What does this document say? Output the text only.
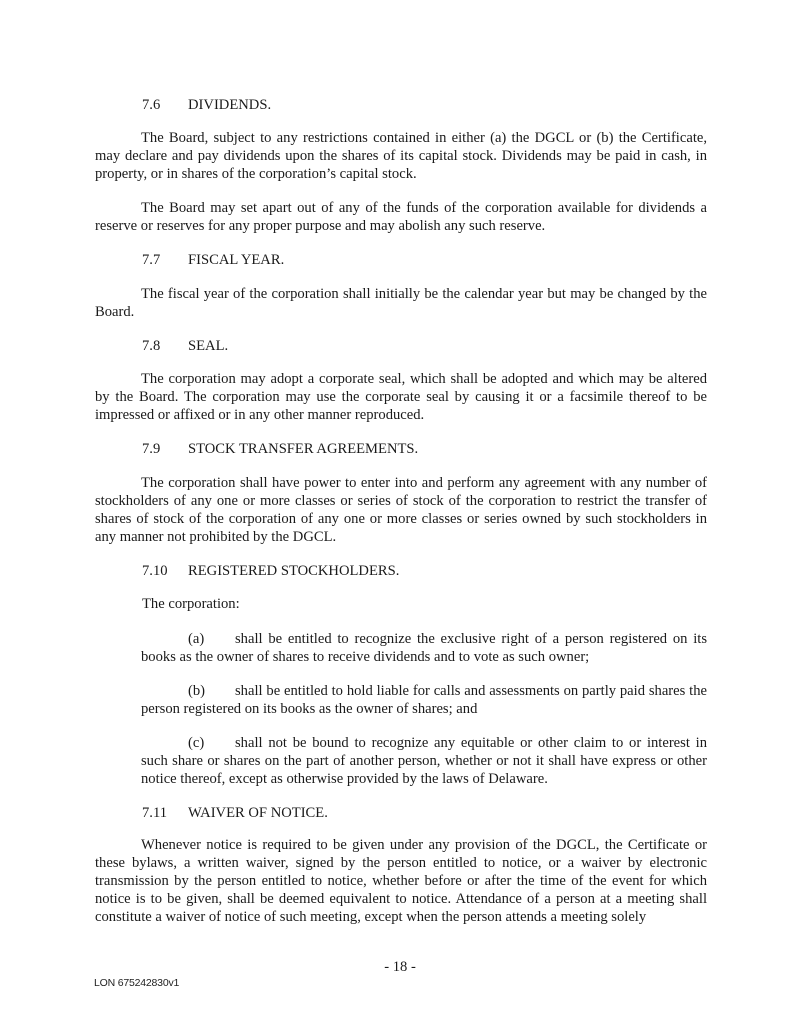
7.6 DIVIDENDS.
The Board, subject to any restrictions contained in either (a) the DGCL or (b) the Certificate, may declare and pay dividends upon the shares of its capital stock. Dividends may be paid in cash, in property, or in shares of the corporation’s capital stock.
The Board may set apart out of any of the funds of the corporation available for dividends a reserve or reserves for any proper purpose and may abolish any such reserve.
7.7 FISCAL YEAR.
The fiscal year of the corporation shall initially be the calendar year but may be changed by the Board.
7.8 SEAL.
The corporation may adopt a corporate seal, which shall be adopted and which may be altered by the Board. The corporation may use the corporate seal by causing it or a facsimile thereof to be impressed or affixed or in any other manner reproduced.
7.9 STOCK TRANSFER AGREEMENTS.
The corporation shall have power to enter into and perform any agreement with any number of stockholders of any one or more classes or series of stock of the corporation to restrict the transfer of shares of stock of the corporation of any one or more classes or series owned by such stockholders in any manner not prohibited by the DGCL.
7.10 REGISTERED STOCKHOLDERS.
The corporation:
(a) shall be entitled to recognize the exclusive right of a person registered on its books as the owner of shares to receive dividends and to vote as such owner;
(b) shall be entitled to hold liable for calls and assessments on partly paid shares the person registered on its books as the owner of shares; and
(c) shall not be bound to recognize any equitable or other claim to or interest in such share or shares on the part of another person, whether or not it shall have express or other notice thereof, except as otherwise provided by the laws of Delaware.
7.11 WAIVER OF NOTICE.
Whenever notice is required to be given under any provision of the DGCL, the Certificate or these bylaws, a written waiver, signed by the person entitled to notice, or a waiver by electronic transmission by the person entitled to notice, whether before or after the time of the event for which notice is to be given, shall be deemed equivalent to notice. Attendance of a person at a meeting shall constitute a waiver of notice of such meeting, except when the person attends a meeting solely
- 18 -
LON 675242830v1
